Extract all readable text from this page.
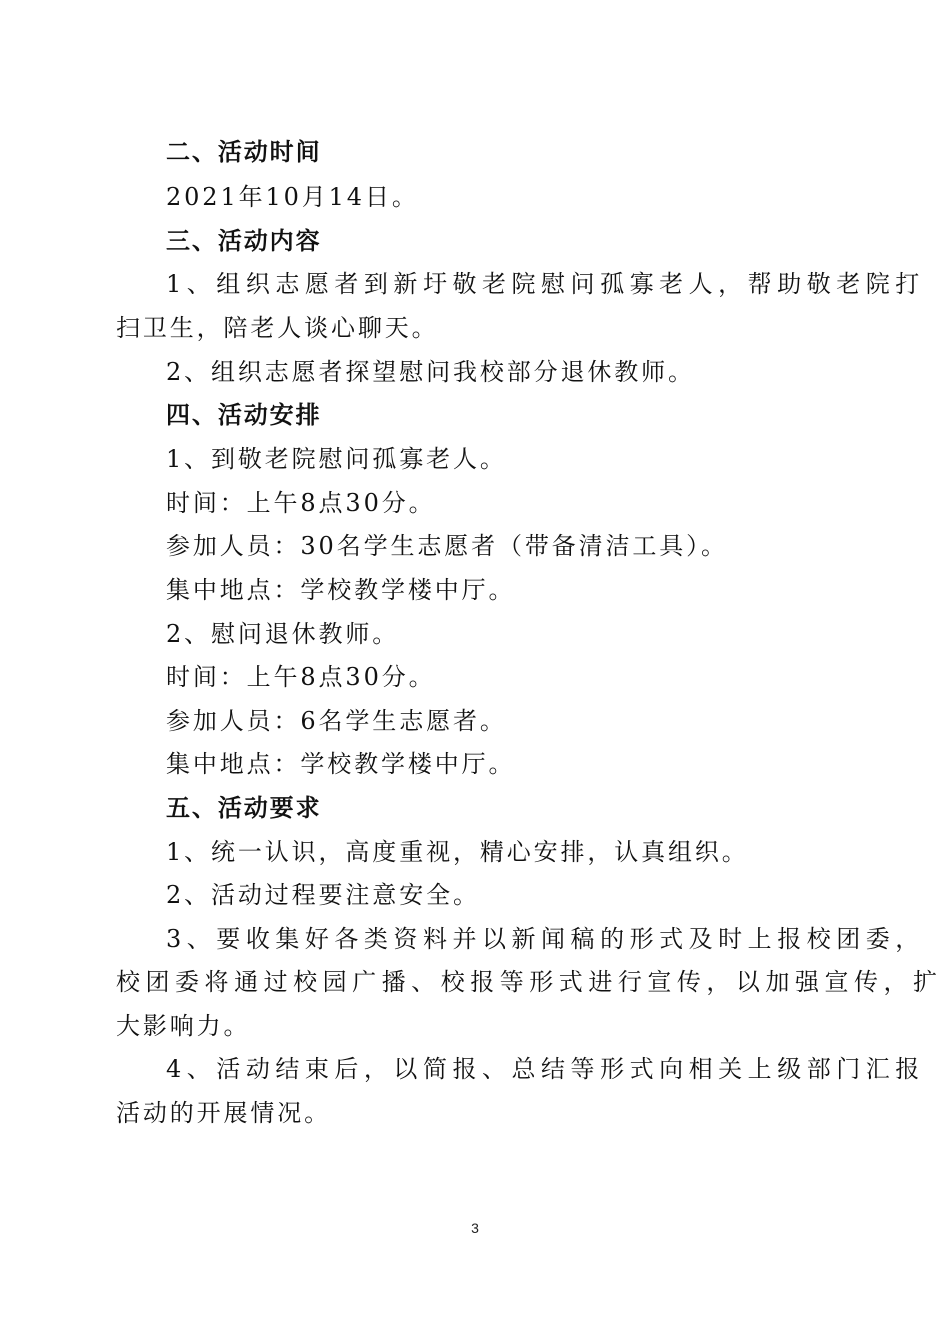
二、活动时间
2021年10月14日。
三、活动内容
1、组织志愿者到新圩敬老院慰问孤寡老人，帮助敬老院打
扫卫生，陪老人谈心聊天。
2、组织志愿者探望慰问我校部分退休教师。
四、活动安排
1、到敬老院慰问孤寡老人。
时间：上午8点30分。
参加人员：30名学生志愿者（带备清洁工具）。
集中地点：学校教学楼中厅。
2、慰问退休教师。
时间：上午8点30分。
参加人员：6名学生志愿者。
集中地点：学校教学楼中厅。
五、活动要求
1、统一认识，高度重视，精心安排，认真组织。
2、活动过程要注意安全。
3、要收集好各类资料并以新闻稿的形式及时上报校团委，
校团委将通过校园广播、校报等形式进行宣传，以加强宣传，扩
大影响力。
4、活动结束后，以简报、总结等形式向相关上级部门汇报
活动的开展情况。
3
